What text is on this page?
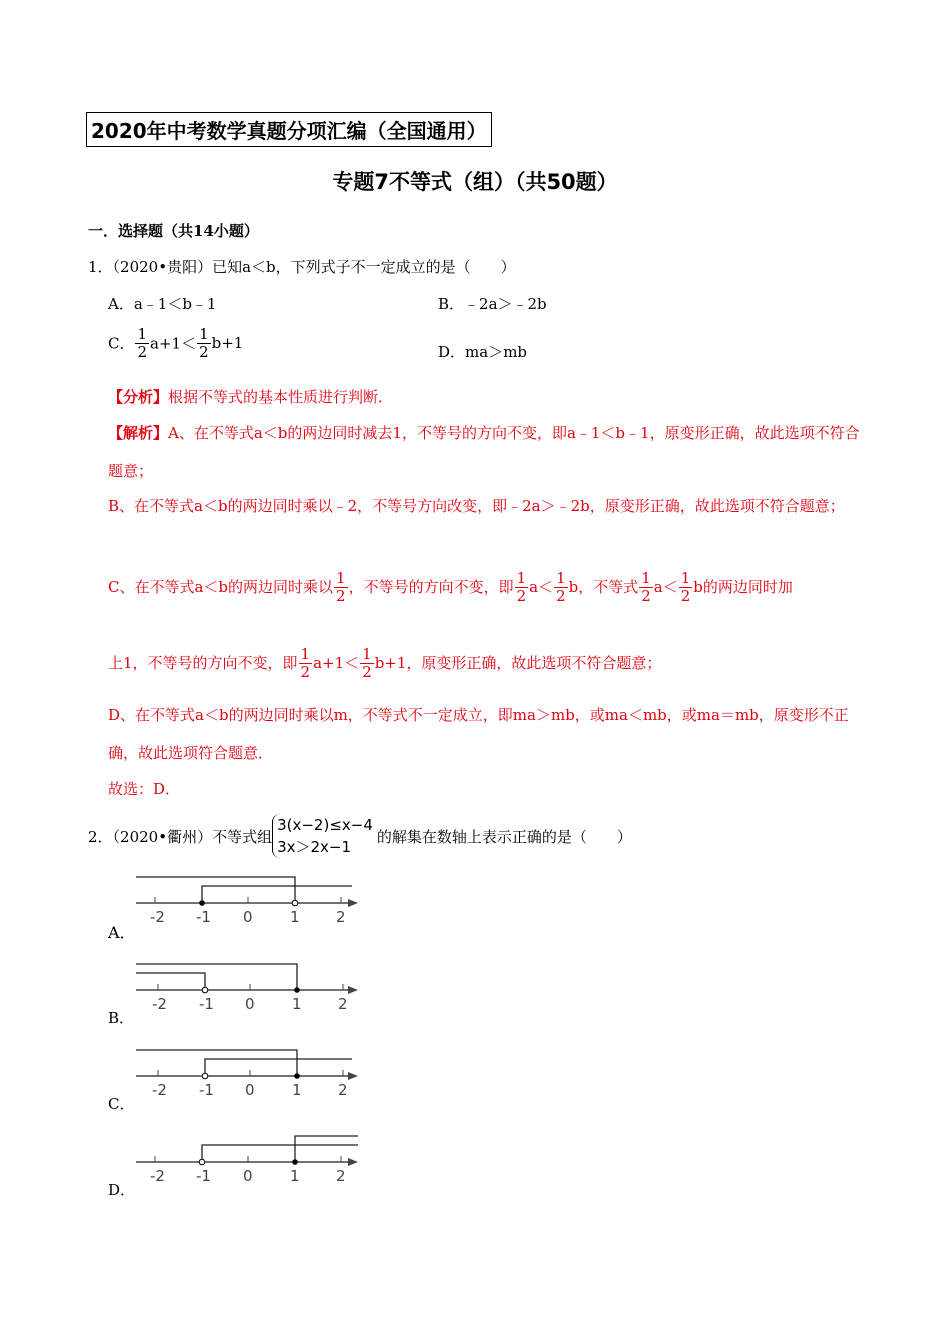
2020年中考数学真题分项汇编（全国通用）
专题7不等式（组）（共50题）
一．选择题（共14小题）
1．（2020•贵阳）已知a＜b，下列式子不一定成立的是（　　）
A．a﹣1＜b﹣1	B．﹣2a＞﹣2b
C． $\frac{1}{2} a+1< \frac{1}{2} b+1$	D．ma＞mb
【分析】根据不等式的基本性质进行判断．
【解析】A、在不等式a＜b的两边同时减去1，不等号的方向不变，即a﹣1＜b﹣1，原变形正确，故此选项不符合题意；
B、在不等式a＜b的两边同时乘以﹣2，不等号方向改变，即﹣2a＞﹣2b，原变形正确，故此选项不符合题意；
C、在不等式a＜b的两边同时乘以 $\frac{1}{2}$ ，不等号的方向不变，即 $\frac{1}{2} a< \frac{1}{2}$ b，不等式 $\frac{1}{2} a< \frac{1}{2}$ b的两边同时加
上1，不等号的方向不变，即 $\frac{1}{2} a+1< \frac{1}{2} b+1$，原变形正确，故此选项不符合题意；
D、在不等式a＜b的两边同时乘以m，不等式不一定成立，即ma＞mb，或ma＜mb，或ma＝mb，原变形不正确，故此选项符合题意．
故选：D．
2．（2020•衢州）不等式组
3(x−2)≤x−4
3x＞2x−1
的解集在数轴上表示正确的是（　　）
A．
-2 -1 0 1 2
B．
-2 -1 0 1 2
C．
-2 -1 0 1 2
D．
-2 -1 0 1 2
